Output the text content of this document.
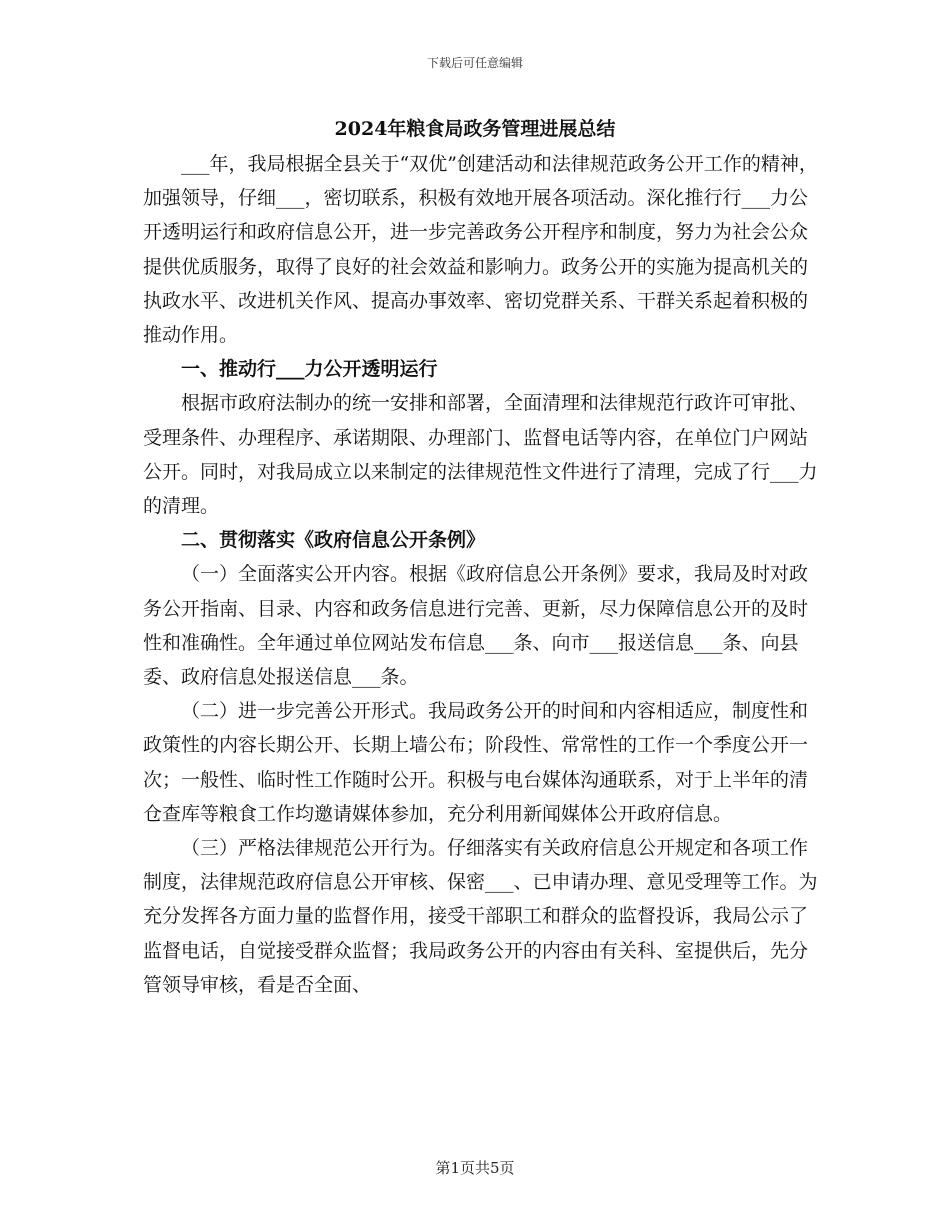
下载后可任意编辑
2024年粮食局政务管理进展总结

___年，我局根据全县关于“双优”创建活动和法律规范政务公开工作的精神，加强领导，仔细___，密切联系，积极有效地开展各项活动。深化推行行___力公开透明运行和政府信息公开，进一步完善政务公开程序和制度，努力为社会公众提供优质服务，取得了良好的社会效益和影响力。政务公开的实施为提高机关的执政水平、改进机关作风、提高办事效率、密切党群关系、干群关系起着积极的推动作用。

一、推动行___力公开透明运行

根据市政府法制办的统一安排和部署，全面清理和法律规范行政许可审批、受理条件、办理程序、承诺期限、办理部门、监督电话等内容，在单位门户网站公开。同时，对我局成立以来制定的法律规范性文件进行了清理，完成了行___力的清理。

二、贯彻落实《政府信息公开条例》

（一）全面落实公开内容。根据《政府信息公开条例》要求，我局及时对政务公开指南、目录、内容和政务信息进行完善、更新，尽力保障信息公开的及时性和准确性。全年通过单位网站发布信息___条、向市___报送信息___条、向县委、政府信息处报送信息___条。

（二）进一步完善公开形式。我局政务公开的时间和内容相适应，制度性和政策性的内容长期公开、长期上墙公布；阶段性、常常性的工作一个季度公开一次；一般性、临时性工作随时公开。积极与电台媒体沟通联系，对于上半年的清仓查库等粮食工作均邀请媒体参加，充分利用新闻媒体公开政府信息。

（三）严格法律规范公开行为。仔细落实有关政府信息公开规定和各项工作制度，法律规范政府信息公开审核、保密___、已申请办理、意见受理等工作。为充分发挥各方面力量的监督作用，接受干部职工和群众的监督投诉，我局公示了监督电话，自觉接受群众监督；我局政务公开的内容由有关科、室提供后，先分管领导审核，看是否全面、

第1页共5页
